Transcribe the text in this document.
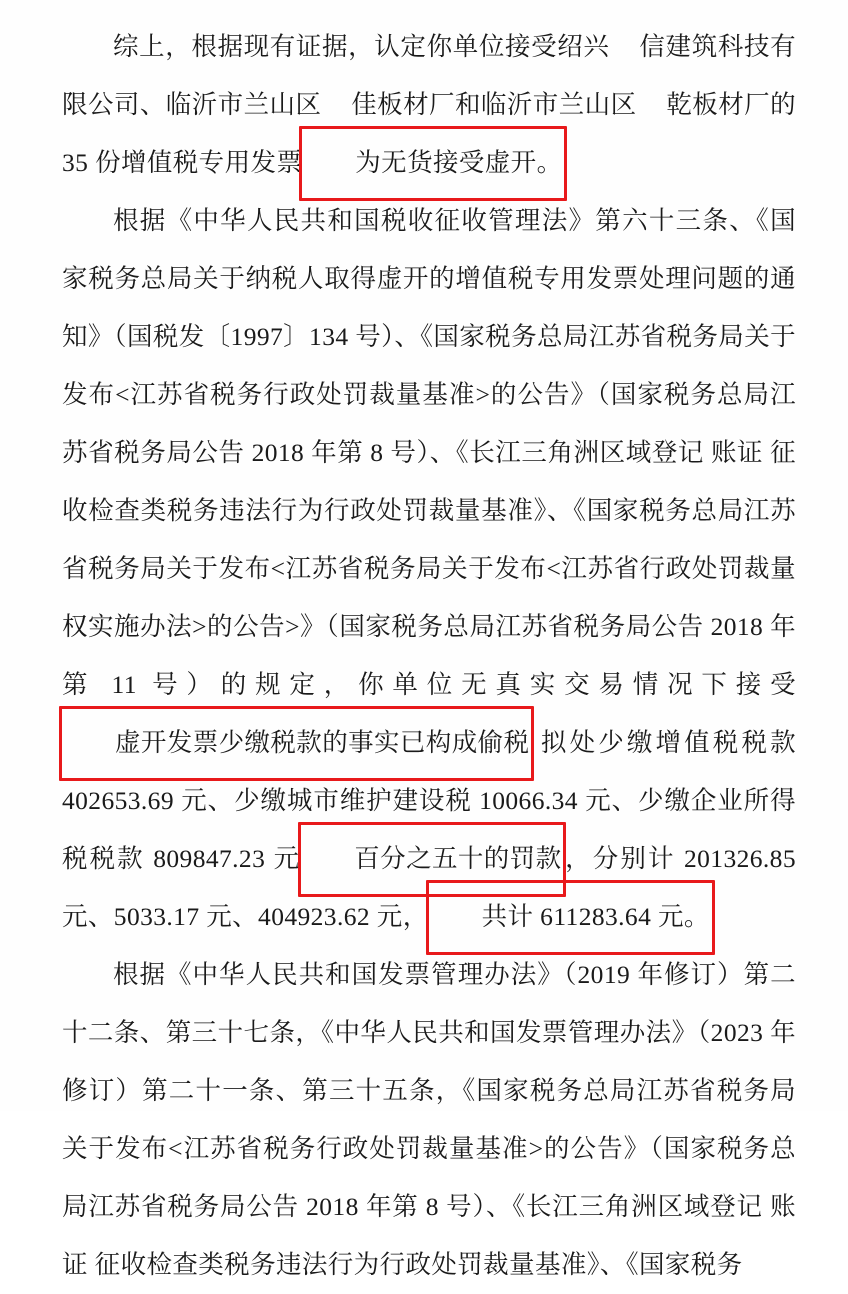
综上，根据现有证据，认定你单位接受绍兴 信建筑科技有限公司、临沂市兰山区 佳板材厂和临沂市兰山区 乾板材厂的 35 份增值税专用发票 为无货接受虚开。

根据《中华人民共和国税收征收管理法》第六十三条、《国家税务总局关于纳税人取得虚开的增值税专用发票处理问题的通知》（国税发〔1997〕134 号）、《国家税务总局江苏省税务局关于发布<江苏省税务行政处罚裁量基准>的公告》（国家税务总局江苏省税务局公告 2018 年第 8 号）、《长江三角洲区域登记 账证 征收检查类税务违法行为行政处罚裁量基准》、《国家税务总局江苏省税务局关于发布<江苏省税务局关于发布<江苏省行政处罚裁量权实施办法>的公告>》（国家税务总局江苏省税务局公告 2018 年第 11 号）的规定，你单位无真实交易情况下接受虚开发票少缴税款的事实已构成偷税 拟处少缴增值税税款 402653.69 元、少缴城市维护建设税 10066.34 元、少缴企业所得税税款 809847.23 元 百分之五十的罚款，分别计 201326.85 元、5033.17 元、404923.62 元， 共计 611283.64 元。

根据《中华人民共和国发票管理办法》（2019 年修订）第二十二条、第三十七条，《中华人民共和国发票管理办法》（2023 年修订）第二十一条、第三十五条，《国家税务总局江苏省税务局关于发布<江苏省税务行政处罚裁量基准>的公告》（国家税务总局江苏省税务局公告 2018 年第 8 号）、《长江三角洲区域登记 账证 征收检查类税务违法行为行政处罚裁量基准》、《国家税务
